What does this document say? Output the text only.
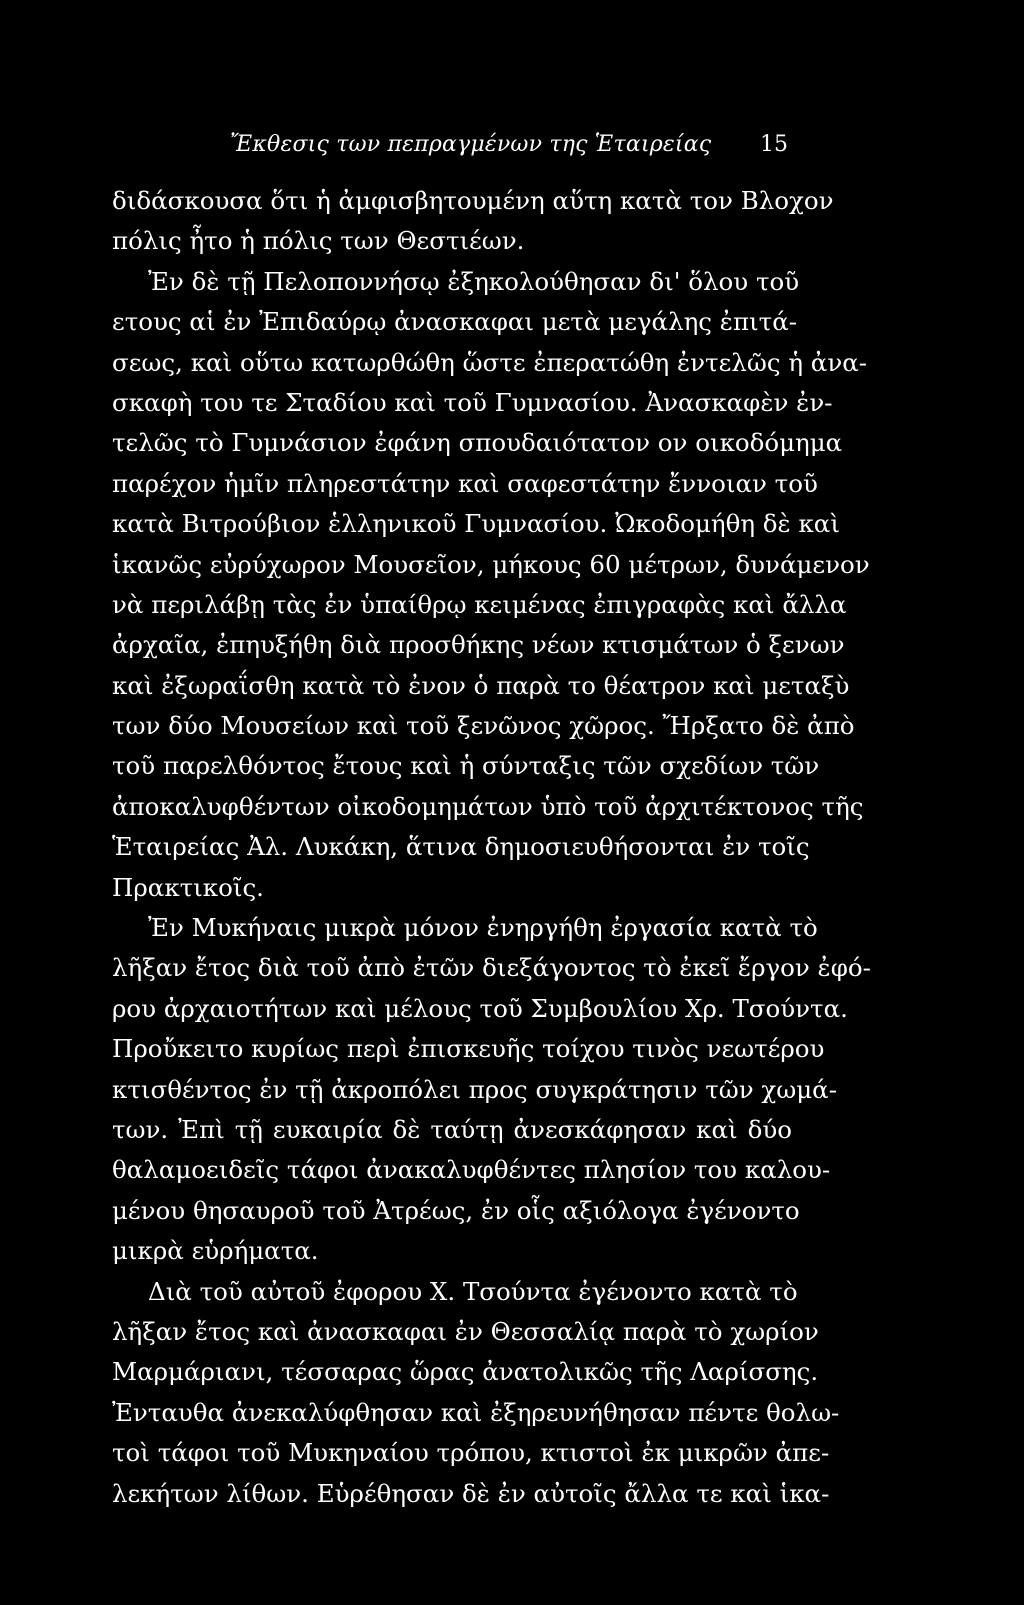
Ἔκθεσις των πεπραγμένων της Ἑταιρείας 15
διδάσκουσα ὅτι ἡ ἀμφισβητουμένη αὕτη κατὰ τον Βλοχον
πόλις ἦτο ἡ πόλις των Θεστιέων.
Ἐν δὲ τῇ Πελοποννήσῳ ἐξηκολούθησαν δι' ὅλου τοῦ
ετους αἱ ἐν Ἐπιδαύρῳ ἀνασκαφαι μετὰ μεγάλης ἐπιτά-
σεως, καὶ οὕτω κατωρθώθη ὥστε ἐπερατώθη ἐντελῶς ἡ ἀνα-
σκαφὴ του τε Σταδίου καὶ τοῦ Γυμνασίου. Ἀνασκαφὲν ἐν-
τελῶς τὸ Γυμνάσιον ἐφάνη σπουδαιότατον ον οικοδόμημα
παρέχον ἡμῖν πληρεστάτην καὶ σαφεστάτην ἔννοιαν τοῦ
κατὰ Βιτρούβιον ἑλληνικοῦ Γυμνασίου. Ὠκοδομήθη δὲ καὶ
ἱκανῶς εὐρύχωρον Μουσεῖον, μήκους 60 μέτρων, δυνάμενον
νὰ περιλάβῃ τὰς ἐν ὑπαίθρῳ κειμένας ἐπιγραφὰς καὶ ἄλλα
ἀρχαῖα, ἐπηυξήθη διὰ προσθήκης νέων κτισμάτων ὁ ξενων
καὶ ἐξωραΐσθη κατὰ τὸ ἐνον ὁ παρὰ το θέατρον καὶ μεταξὺ
των δύο Μουσείων καὶ τοῦ ξενῶνος χῶρος. Ἤρξατο δὲ ἀπὸ
τοῦ παρελθόντος ἔτους καὶ ἡ σύνταξις τῶν σχεδίων τῶν
ἀποκαλυφθέντων οἰκοδομημάτων ὑπὸ τοῦ ἀρχιτέκτονος τῆς
Ἑταιρείας Ἀλ. Λυκάκη, ἅτινα δημοσιευθήσονται ἐν τοῖς
Πρακτικοῖς.
Ἐν Μυκήναις μικρὰ μόνον ἐνηργήθη ἐργασία κατὰ τὸ
λῆξαν ἔτος διὰ τοῦ ἀπὸ ἐτῶν διεξάγοντος τὸ ἐκεῖ ἔργον ἐφό-
ρου ἀρχαιοτήτων καὶ μέλους τοῦ Συμβουλίου Χρ. Τσούντα.
Προὔκειτο κυρίως περὶ ἐπισκευῆς τοίχου τινὸς νεωτέρου
κτισθέντος ἐν τῇ ἀκροπόλει προς συγκράτησιν τῶν χωμά-
των. Ἐπὶ τῇ ευκαιρία δὲ ταύτῃ ἀνεσκάφησαν καὶ δύο
θαλαμοειδεῖς τάφοι ἀνακαλυφθέντες πλησίον του καλου-
μένου θησαυροῦ τοῦ Ἀτρέως, ἐν οἷς αξιόλογα ἐγένοντο
μικρὰ εὑρήματα.
Διὰ τοῦ αὐτοῦ ἐφορου Χ. Τσούντα ἐγένοντο κατὰ τὸ
λῆξαν ἔτος καὶ ἀνασκαφαι ἐν Θεσσαλίᾳ παρὰ τὸ χωρίον
Μαρμάριανι, τέσσαρας ὥρας ἀνατολικῶς τῆς Λαρίσσης.
Ἐνταυθα ἀνεκαλύφθησαν καὶ ἐξηρευνήθησαν πέντε θολω-
τοὶ τάφοι τοῦ Μυκηναίου τρόπου, κτιστοὶ ἐκ μικρῶν ἀπε-
λεκήτων λίθων. Εὑρέθησαν δὲ ἐν αὐτοῖς ἄλλα τε καὶ ἱκα-
